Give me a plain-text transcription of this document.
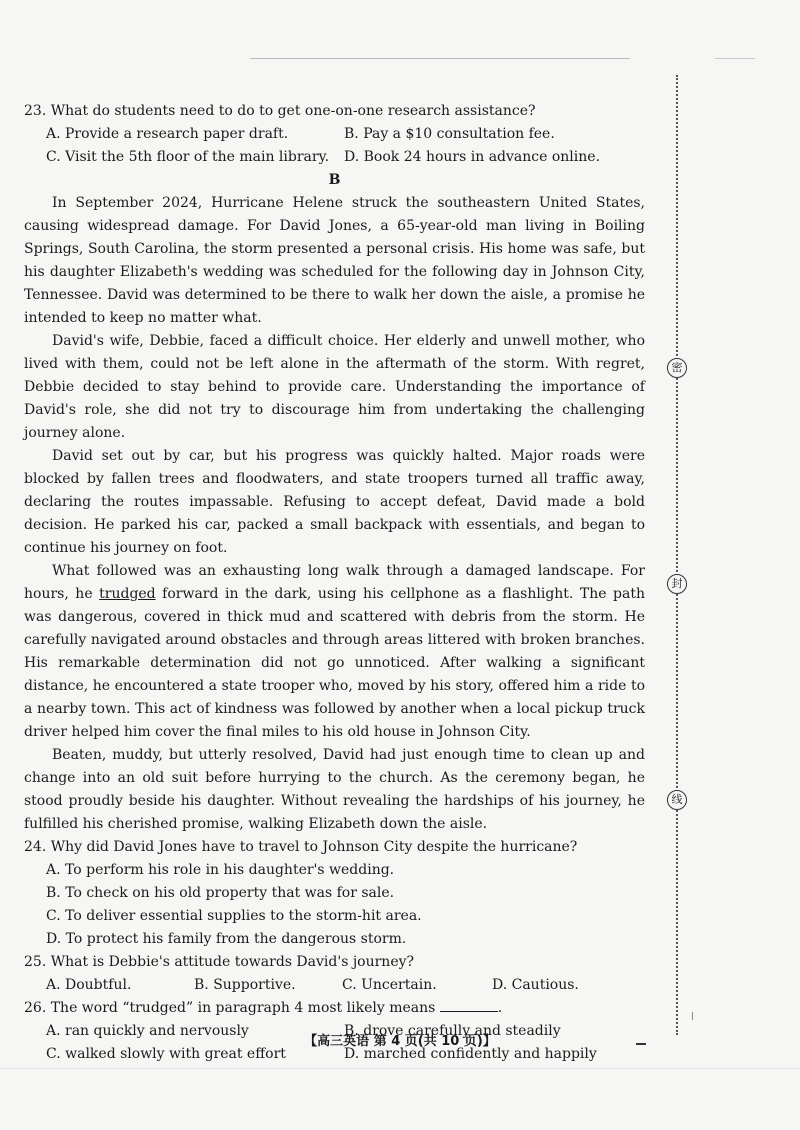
23. What do students need to do to get one-on-one research assistance?

A. Provide a research paper draft.	B. Pay a $10 consultation fee.
C. Visit the 5th floor of the main library.	D. Book 24 hours in advance online.

B

In September 2024, Hurricane Helene struck the southeastern United States, causing widespread damage. For David Jones, a 65-year-old man living in Boiling Springs, South Carolina, the storm presented a personal crisis. His home was safe, but his daughter Elizabeth's wedding was scheduled for the following day in Johnson City, Tennessee. David was determined to be there to walk her down the aisle, a promise he intended to keep no matter what.

David's wife, Debbie, faced a difficult choice. Her elderly and unwell mother, who lived with them, could not be left alone in the aftermath of the storm. With regret, Debbie decided to stay behind to provide care. Understanding the importance of David's role, she did not try to discourage him from undertaking the challenging journey alone.

David set out by car, but his progress was quickly halted. Major roads were blocked by fallen trees and floodwaters, and state troopers turned all traffic away, declaring the routes impassable. Refusing to accept defeat, David made a bold decision. He parked his car, packed a small backpack with essentials, and began to continue his journey on foot.

What followed was an exhausting long walk through a damaged landscape. For hours, he trudged forward in the dark, using his cellphone as a flashlight. The path was dangerous, covered in thick mud and scattered with debris from the storm. He carefully navigated around obstacles and through areas littered with broken branches. His remarkable determination did not go unnoticed. After walking a significant distance, he encountered a state trooper who, moved by his story, offered him a ride to a nearby town. This act of kindness was followed by another when a local pickup truck driver helped him cover the final miles to his old house in Johnson City.

Beaten, muddy, but utterly resolved, David had just enough time to clean up and change into an old suit before hurrying to the church. As the ceremony began, he stood proudly beside his daughter. Without revealing the hardships of his journey, he fulfilled his cherished promise, walking Elizabeth down the aisle.

24. Why did David Jones have to travel to Johnson City despite the hurricane?

A. To perform his role in his daughter's wedding.
B. To check on his old property that was for sale.
C. To deliver essential supplies to the storm-hit area.
D. To protect his family from the dangerous storm.

25. What is Debbie's attitude towards David's journey?

A. Doubtful.	B. Supportive.	C. Uncertain.	D. Cautious.

26. The word “trudged” in paragraph 4 most likely means	.

A. ran quickly and nervously	B. drove carefully and steadily
C. walked slowly with great effort	D. marched confidently and happily
密
封
线
【高三英语 第 4 页(共 10 页)】
